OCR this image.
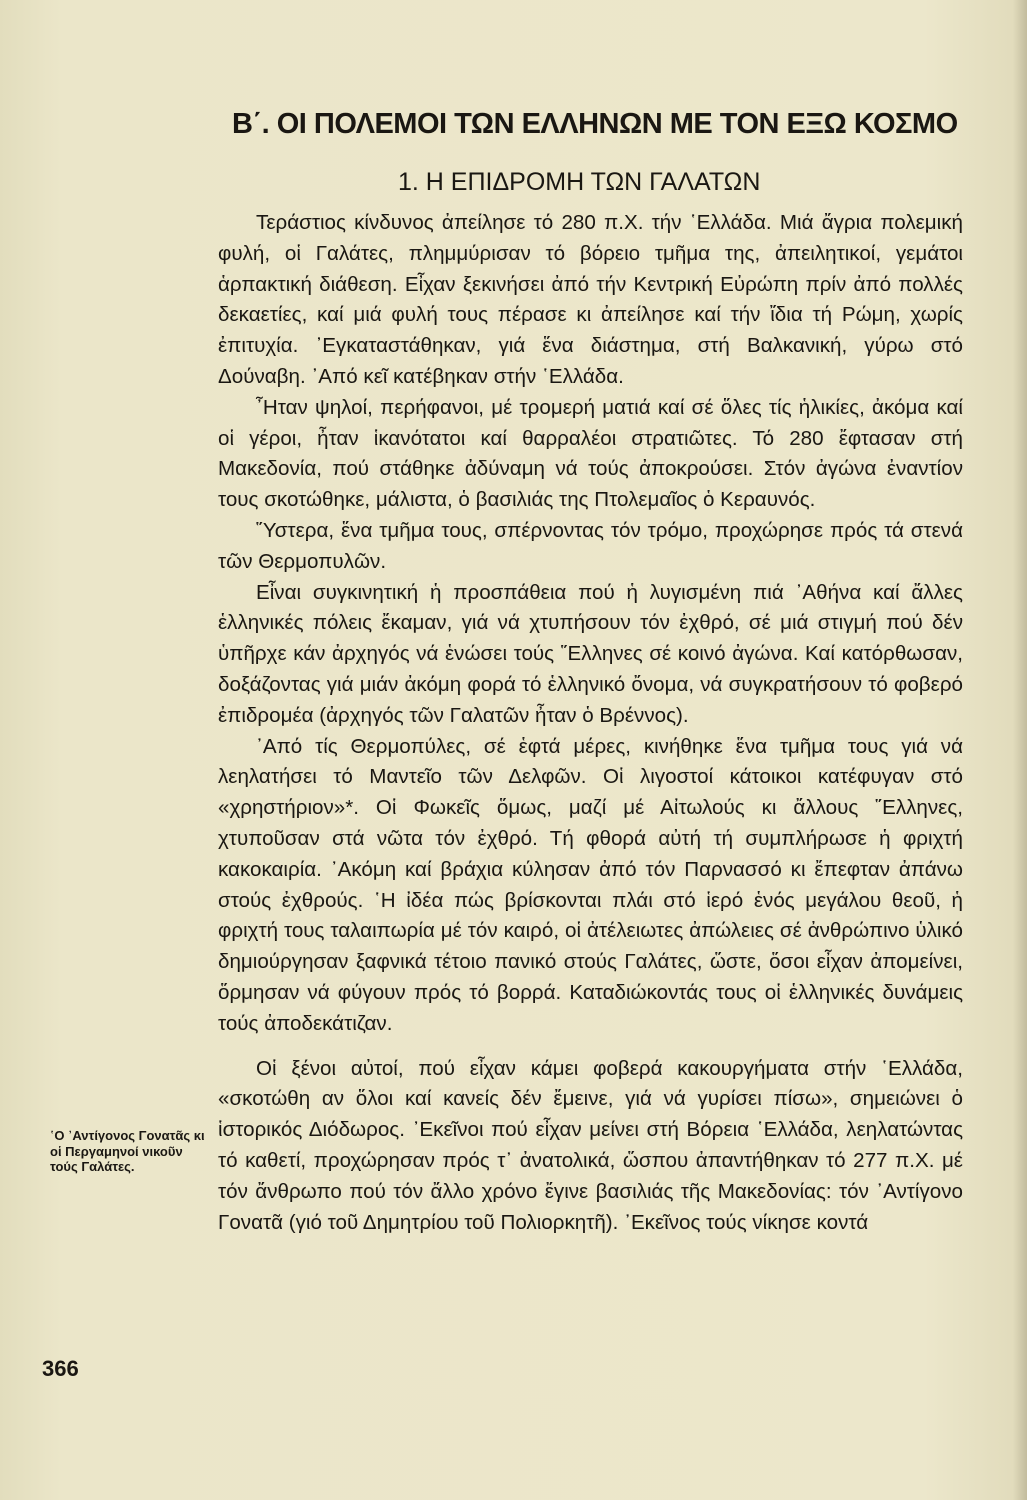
Β΄. ΟΙ ΠΟΛΕΜΟΙ ΤΩΝ ΕΛΛΗΝΩΝ ΜΕ ΤΟΝ ΕΞΩ ΚΟΣΜΟ
1. Η ΕΠΙΔΡΟΜΗ ΤΩΝ ΓΑΛΑΤΩΝ

Τεράστιος κίνδυνος ἀπείλησε τό 280 π.Χ. τήν ῾Ελλάδα. Μιά ἄγρια πολεμική φυλή, οἱ Γαλάτες, πλημμύρισαν τό βόρειο τμῆμα της, ἀπειλητικοί, γεμάτοι ἁρπακτική διάθεση. Εἶχαν ξεκινήσει ἀπό τήν Κεντρική Εὐρώπη πρίν ἀπό πολλές δεκαετίες, καί μιά φυλή τους πέρασε κι ἀπείλησε καί τήν ἴδια τή Ρώμη, χωρίς ἐπιτυχία. ᾿Εγκαταστάθηκαν, γιά ἕνα διάστημα, στή Βαλκανική, γύρω στό Δούναβη. ᾿Από κεῖ κατέβηκαν στήν ῾Ελλάδα.

῏Ηταν ψηλοί, περήφανοι, μέ τρομερή ματιά καί σέ ὅλες τίς ἡλικίες, ἀκόμα καί οἱ γέροι, ἦταν ἱκανότατοι καί θαρραλέοι στρατιῶτες. Τό 280 ἔφτασαν στή Μακεδονία, πού στάθηκε ἀδύναμη νά τούς ἀποκρούσει. Στόν ἀγώνα ἐναντίον τους σκοτώθηκε, μάλιστα, ὁ βασιλιάς της Πτολεμαῖος ὁ Κεραυνός.

῞Υστερα, ἕνα τμῆμα τους, σπέρνοντας τόν τρόμο, προχώρησε πρός τά στενά τῶν Θερμοπυλῶν.

Εἶναι συγκινητική ἡ προσπάθεια πού ἡ λυγισμένη πιά ᾿Αθήνα καί ἄλλες ἑλληνικές πόλεις ἔκαμαν, γιά νά χτυπήσουν τόν ἐχθρό, σέ μιά στιγμή πού δέν ὑπῆρχε κάν ἀρχηγός νά ἑνώσει τούς ῞Ελληνες σέ κοινό ἀγώνα. Καί κατόρθωσαν, δοξάζοντας γιά μιάν ἀκόμη φορά τό ἑλληνικό ὄνομα, νά συγκρατήσουν τό φοβερό ἐπιδρομέα (ἀρχηγός τῶν Γαλατῶν ἦταν ὁ Βρέννος).

᾿Από τίς Θερμοπύλες, σέ ἑφτά μέρες, κινήθηκε ἕνα τμῆμα τους γιά νά λεηλατήσει τό Μαντεῖο τῶν Δελφῶν. Οἱ λιγοστοί κάτοικοι κατέφυγαν στό «χρηστήριον»*. Οἱ Φωκεῖς ὅμως, μαζί μέ Αἰτωλούς κι ἄλλους ῞Ελληνες, χτυποῦσαν στά νῶτα τόν ἐχθρό. Τή φθορά αὐτή τή συμπλήρωσε ἡ φριχτή κακοκαιρία. ᾿Ακόμη καί βράχια κύλησαν ἀπό τόν Παρνασσό κι ἔπεφταν ἀπάνω στούς ἐχθρούς. ῾Η ἰδέα πώς βρίσκονται πλάι στό ἱερό ἑνός μεγάλου θεοῦ, ἡ φριχτή τους ταλαιπωρία μέ τόν καιρό, οἱ ἀτέλειωτες ἀπώλειες σέ ἀνθρώπινο ὑλικό δημιούργησαν ξαφνικά τέτοιο πανικό στούς Γαλάτες, ὥστε, ὅσοι εἶχαν ἀπομείνει, ὅρμησαν νά φύγουν πρός τό βορρά. Καταδιώκοντάς τους οἱ ἑλληνικές δυνάμεις τούς ἀποδεκάτιζαν.

Οἱ ξένοι αὐτοί, πού εἶχαν κάμει φοβερά κακουργήματα στήν ῾Ελλάδα, «σκοτώθη αν ὅλοι καί κανείς δέν ἔμεινε, γιά νά γυρίσει πίσω», σημειώνει ὁ ἱστορικός Διόδωρος. ᾿Εκεῖνοι πού εἶχαν μείνει στή Βόρεια ῾Ελλάδα, λεηλατώντας τό καθετί, προχώρησαν πρός τ᾿ ἀνατολικά, ὥσπου ἀπαντήθηκαν τό 277 π.Χ. μέ τόν ἄνθρωπο πού τόν ἄλλο χρόνο ἔγινε βασιλιάς τῆς Μακεδονίας: τόν ᾿Αντίγονο Γονατᾶ (γιό τοῦ Δημητρίου τοῦ Πολιορκητῆ). ᾿Εκεῖνος τούς νίκησε κοντά

῾Ο ᾿Αντίγονος Γονατᾶς κι οἱ Περγαμηνοί νικοῦν τούς Γαλάτες.
366
